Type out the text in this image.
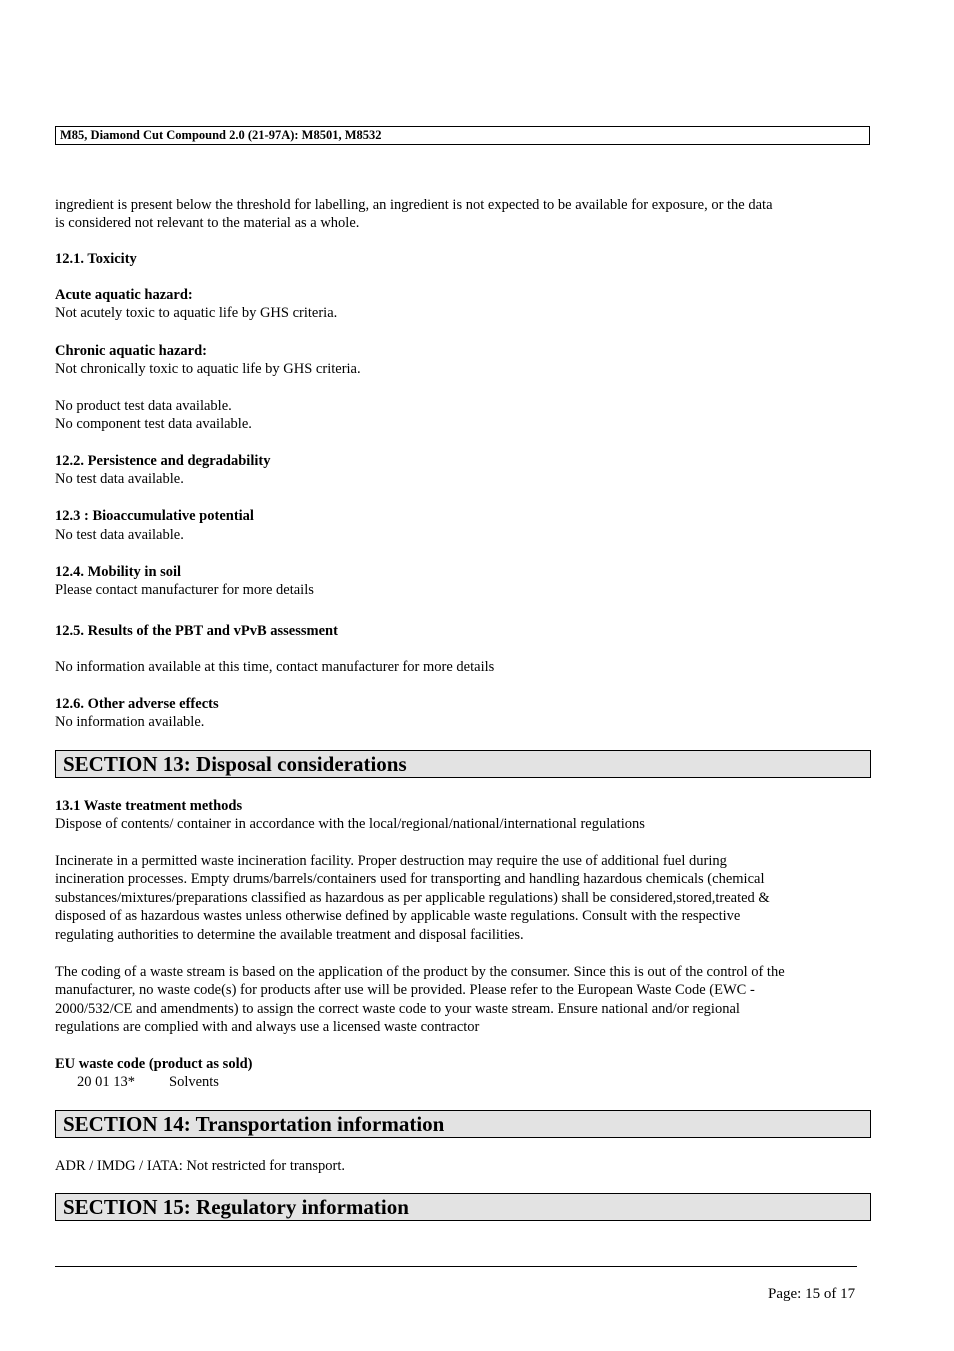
M85, Diamond Cut Compound 2.0 (21-97A): M8501, M8532
ingredient is present below the threshold for labelling, an ingredient is not expected to be available for exposure, or the data
is considered not relevant to the material as a whole.
12.1. Toxicity
Acute aquatic hazard:
Not acutely toxic to aquatic life by GHS criteria.
Chronic aquatic hazard:
Not chronically toxic to aquatic life by GHS criteria.
No product test data available.
No component test data available.
12.2. Persistence and degradability
No test data available.
12.3 : Bioaccumulative potential
No test data available.
12.4. Mobility in soil
Please contact manufacturer for more details
12.5. Results of the PBT and vPvB assessment
No information available at this time, contact manufacturer for more details
12.6. Other adverse effects
No information available.
SECTION 13: Disposal considerations
13.1 Waste treatment methods
Dispose of contents/ container in accordance with the local/regional/national/international regulations
Incinerate in a permitted waste incineration facility. Proper destruction may require the use of additional fuel during
incineration processes. Empty drums/barrels/containers used for transporting and handling hazardous chemicals (chemical
substances/mixtures/preparations classified as hazardous as per applicable regulations) shall be considered,stored,treated &
disposed of as hazardous wastes unless otherwise defined by applicable waste regulations. Consult with the respective
regulating authorities to determine the available treatment and disposal facilities.
The coding of a waste stream is based on the application of the product by the consumer. Since this is out of the control of the
manufacturer, no waste code(s) for products after use will be provided. Please refer to the European Waste Code (EWC -
2000/532/CE and amendments) to assign the correct waste code to your waste stream. Ensure national and/or regional
regulations are complied with and always use a licensed waste contractor
EU waste code (product as sold)
20 01 13* Solvents
SECTION 14: Transportation information
ADR / IMDG / IATA: Not restricted for transport.
SECTION 15: Regulatory information
Page: 15 of 17
